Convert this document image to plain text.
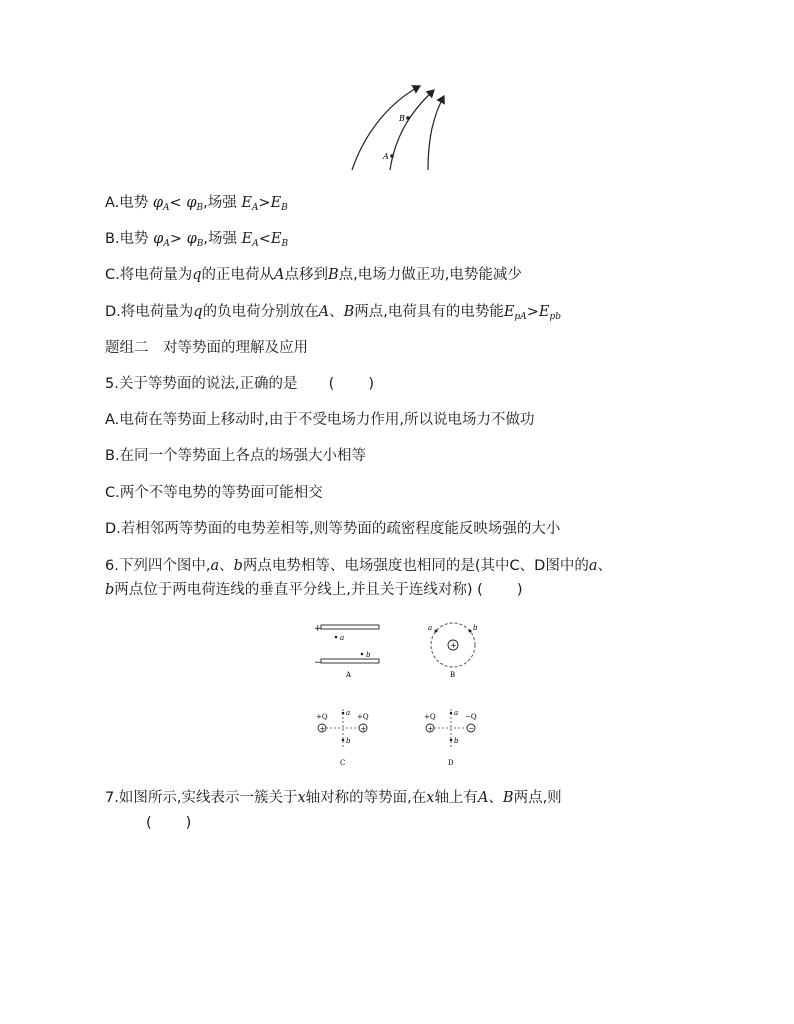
A
B
A.电势 $\varphi_A< \varphi_B$,场强 $E_A>E_B$
B.电势 $\varphi_A> \varphi_B$,场强 $E_A<E_B$
C.将电荷量为q的正电荷从A点移到B点,电场力做正功,电势能减少
D.将电荷量为q的负电荷分别放在A、B两点,电荷具有的电势能$E_{pA}>E_{pb}$
题组二　对等势面的理解及应用
5.关于等势面的说法,正确的是 ( )
A.电荷在等势面上移动时,由于不受电场力作用,所以说电场力不做功
B.在同一个等势面上各点的场强大小相等
C.两个不等电势的等势面可能相交
D.若相邻两等势面的电势差相等,则等势面的疏密程度能反映场强的大小
6.下列四个图中,a、b两点电势相等、电场强度也相同的是(其中C、D图中的a、
b两点位于两电荷连线的垂直平分线上,并且关于连线对称) ( )
+
a
b
−
A
+
a	b
B
+Q	+Q
+	+
a
b
C
+Q	−Q
+	−
a
b
D
7.如图所示,实线表示一簇关于x轴对称的等势面,在x轴上有A、B两点,则
( )
